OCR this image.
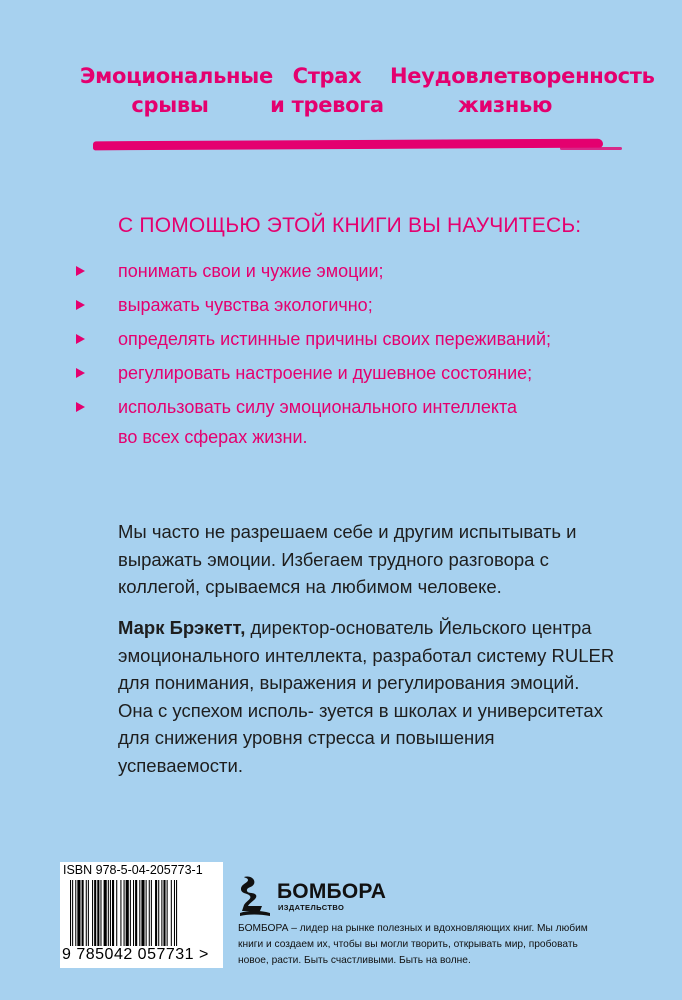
Эмоциональные
срывы
Страх
и тревога
Неудовлетворенность
жизнью
С ПОМОЩЬЮ ЭТОЙ КНИГИ ВЫ НАУЧИТЕСЬ:
понимать свои и чужие эмоции;
выражать чувства экологично;
определять истинные причины своих переживаний;
регулировать настроение и душевное состояние;
использовать силу эмоционального интеллекта
во всех сферах жизни.
Мы часто не разрешаем себе и другим испытывать и выражать эмоции. Избегаем трудного разговора с коллегой, срываемся на любимом человеке.
Марк Брэкетт, директор-основатель Йельского центра эмоционального интеллекта, разработал систему RULER для понимания, выражения и регулирования эмоций. Она с успехом исполь- зуется в школах и университетах для снижения уровня стресса и повышения успеваемости.
ISBN 978-5-04-205773-1
9 785042 057731 >
БОМБОРА
ИЗДАТЕЛЬСТВО
БОМБОРА – лидер на рынке полезных и вдохновляющих книг. Мы любим книги и создаем их, чтобы вы могли творить, открывать мир, пробовать новое, расти. Быть счастливыми. Быть на волне.
